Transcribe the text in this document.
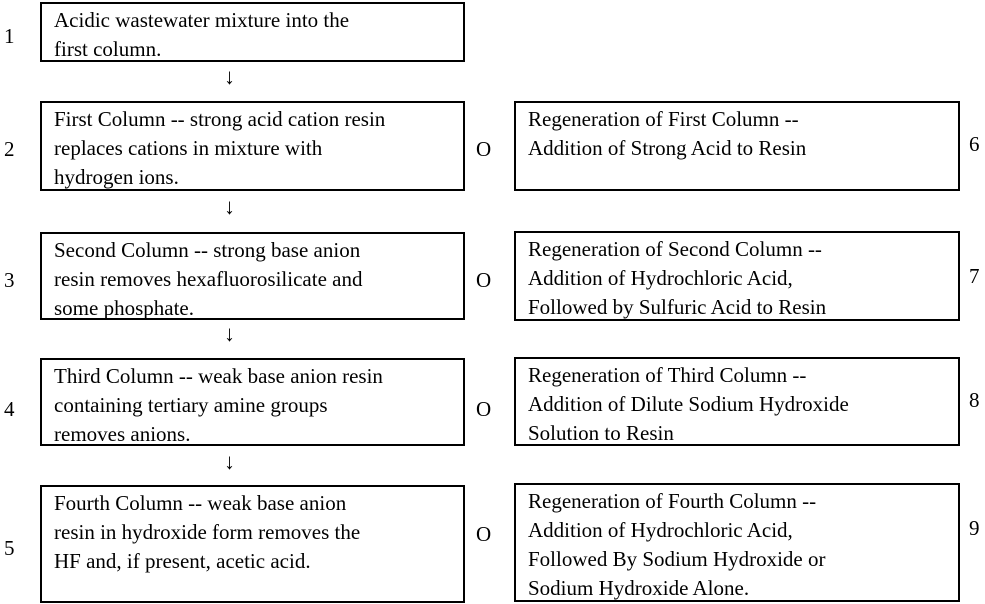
1
2
3
4
5
Acidic wastewater mixture into the
first column.
First Column -- strong acid cation resin
replaces cations in mixture with
hydrogen ions.
Second Column -- strong base anion
resin removes hexafluorosilicate and
some phosphate.
Third Column -- weak base anion resin
containing tertiary amine groups
removes anions.
Fourth Column -- weak base anion
resin in hydroxide form removes the
HF and, if present, acetic acid.
↓
↓
↓
↓
O
O
O
O
Regeneration of First Column --
Addition of Strong Acid to Resin
Regeneration of Second Column --
Addition of Hydrochloric Acid,
Followed by Sulfuric Acid to Resin
Regeneration of Third Column --
Addition of Dilute Sodium Hydroxide
Solution to Resin
Regeneration of Fourth Column --
Addition of Hydrochloric Acid,
Followed By Sodium Hydroxide or
Sodium Hydroxide Alone.
6
7
8
9
